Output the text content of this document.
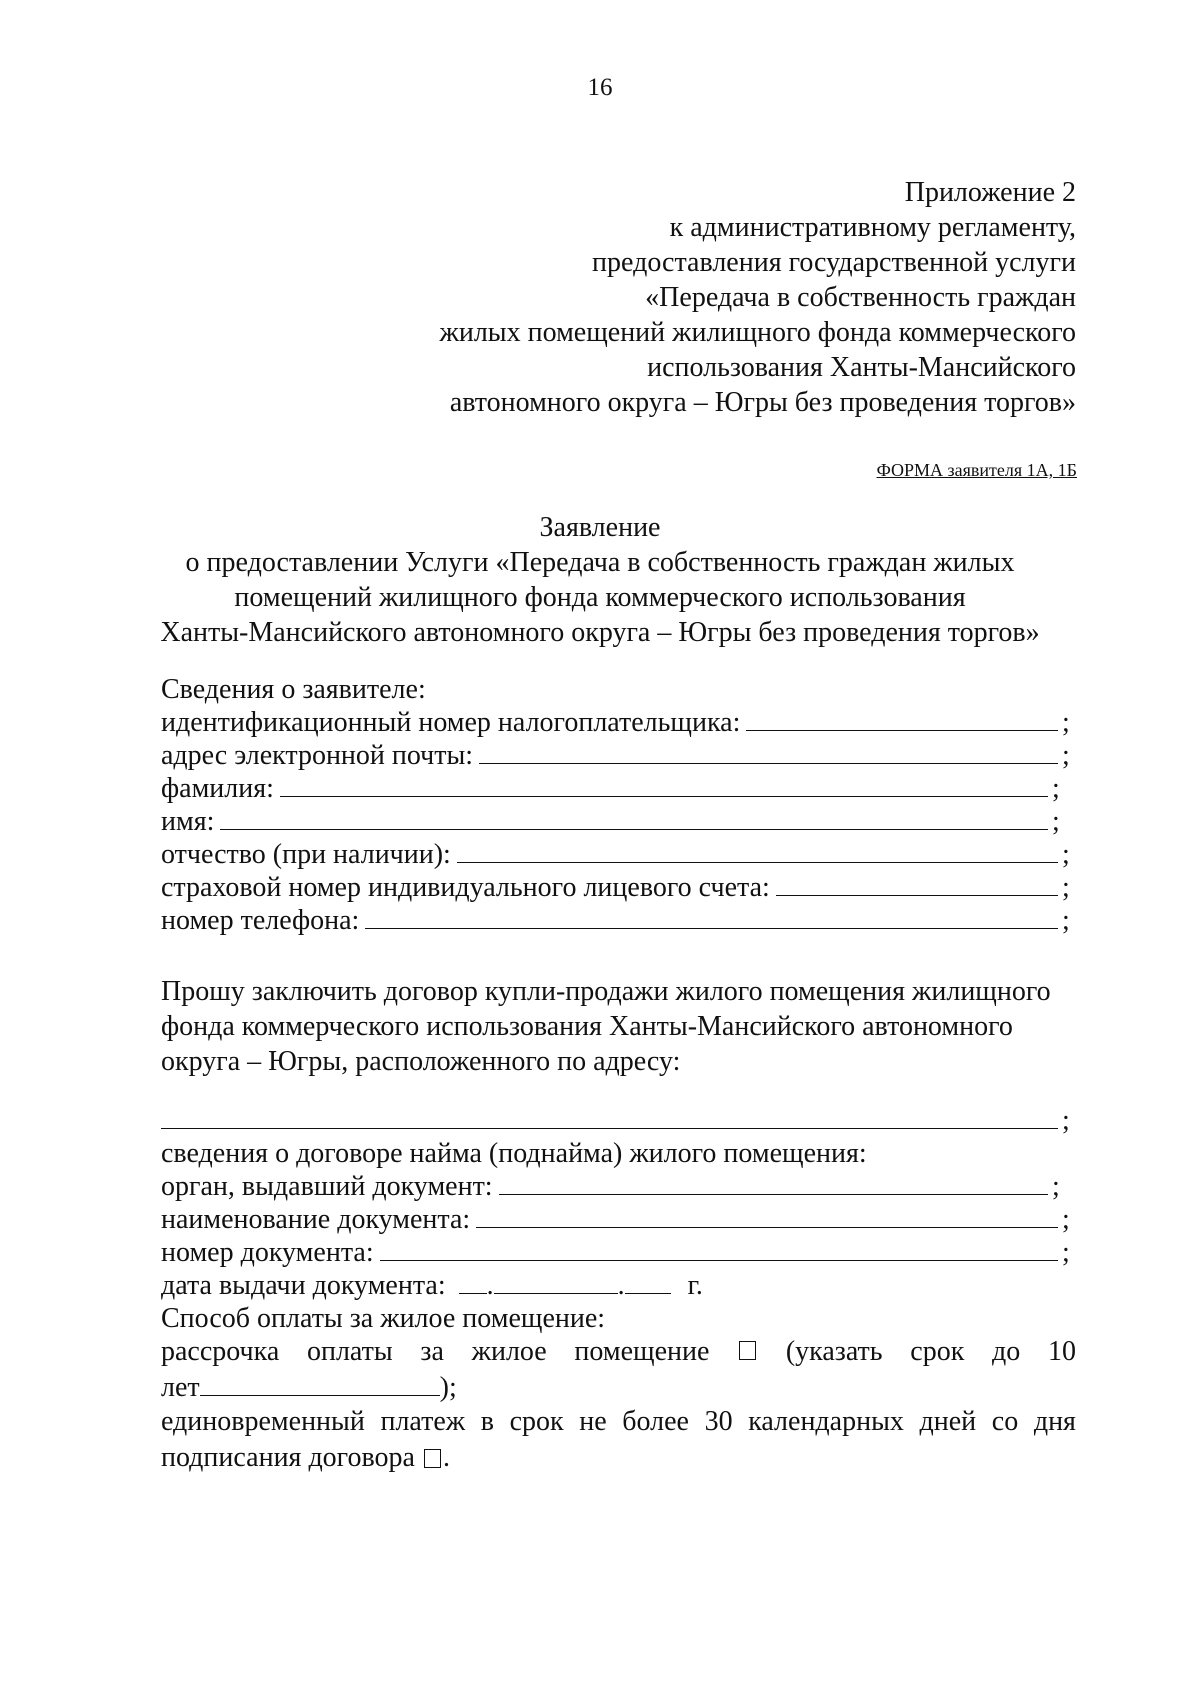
16
Приложение 2
к административному регламенту,
предоставления государственной услуги
«Передача в собственность граждан
жилых помещений жилищного фонда коммерческого
использования Ханты-Мансийского
автономного округа – Югры без проведения торгов»
ФОРМА заявителя 1А, 1Б
Заявление
о предоставлении Услуги «Передача в собственность граждан жилых
помещений жилищного фонда коммерческого использования
Ханты-Мансийского автономного округа – Югры без проведения торгов»
Сведения о заявителе:
идентификационный номер налогоплательщика:	;
адрес электронной почты:	;
фамилия:	;
имя:	;
отчество (при наличии):	;
страховой номер индивидуального лицевого счета:	;
номер телефона:	;
Прошу заключить договор купли-продажи жилого помещения жилищного
фонда коммерческого использования Ханты-Мансийского автономного
округа – Югры, расположенного по адресу:
;
сведения о договоре найма (поднайма) жилого помещения:
орган, выдавший документ:	;
наименование документа:	;
номер документа:	;
дата выдачи документа: .	. г.
Способ оплаты за жилое помещение:
рассрочка оплаты за жилое помещение	(указать срок до 10
лет	);
единовременный платеж в срок не более 30 календарных дней со дня
подписания договора .
